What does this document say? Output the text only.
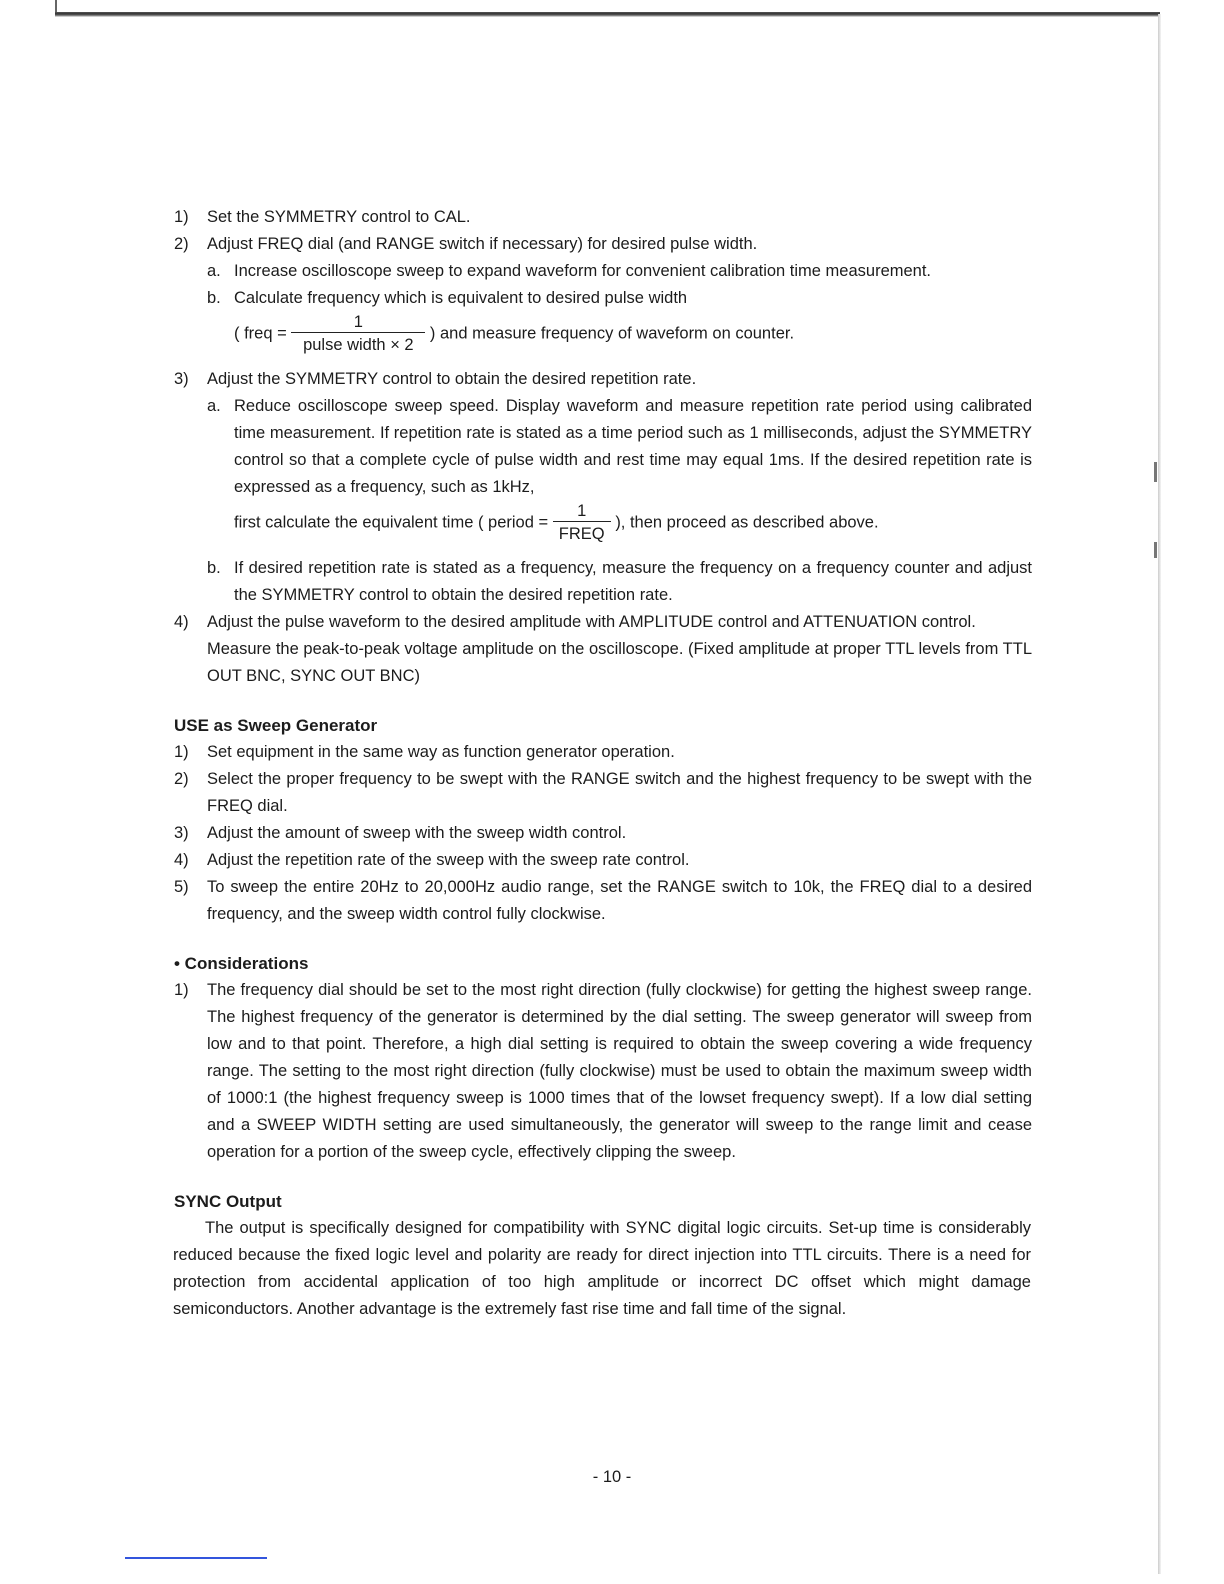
1) Set the SYMMETRY control to CAL.

2) Adjust FREQ dial (and RANGE switch if necessary) for desired pulse width.

a. Increase oscilloscope sweep to expand waveform for convenient calibration time measurement.

b. Calculate frequency which is equivalent to desired pulse width

( freq = $\frac{1}{\text{pulse width × 2}}$ ) and measure frequency of waveform on counter.

3) Adjust the SYMMETRY control to obtain the desired repetition rate.

a. Reduce oscilloscope sweep speed. Display waveform and measure repetition rate period using calibrated time measurement. If repetition rate is stated as a time period such as 1 milliseconds, adjust the SYMMETRY control so that a complete cycle of pulse width and rest time may equal 1ms. If the desired repetition rate is expressed as a frequency, such as 1kHz,

first calculate the equivalent time ( period = $\frac{1}{\text{FREQ}}$ ), then proceed as described above.

b. If desired repetition rate is stated as a frequency, measure the frequency on a frequency counter and adjust the SYMMETRY control to obtain the desired repetition rate.

4) Adjust the pulse waveform to the desired amplitude with AMPLITUDE control and ATTENUATION control.

Measure the peak-to-peak voltage amplitude on the oscilloscope. (Fixed amplitude at proper TTL levels from TTL OUT BNC, SYNC OUT BNC)

USE as Sweep Generator

1) Set equipment in the same way as function generator operation.

2) Select the proper frequency to be swept with the RANGE switch and the highest frequency to be swept with the FREQ dial.

3) Adjust the amount of sweep with the sweep width control.

4) Adjust the repetition rate of the sweep with the sweep rate control.

5) To sweep the entire 20Hz to 20,000Hz audio range, set the RANGE switch to 10k, the FREQ dial to a desired frequency, and the sweep width control fully clockwise.

• Considerations

1) The frequency dial should be set to the most right direction (fully clockwise) for getting the highest sweep range. The highest frequency of the generator is determined by the dial setting. The sweep generator will sweep from low and to that point. Therefore, a high dial setting is required to obtain the sweep covering a wide frequency range. The setting to the most right direction (fully clockwise) must be used to obtain the maximum sweep width of 1000:1 (the highest frequency sweep is 1000 times that of the lowset frequency swept). If a low dial setting and a SWEEP WIDTH setting are used simultaneously, the generator will sweep to the range limit and cease operation for a portion of the sweep cycle, effectively clipping the sweep.

SYNC Output

The output is specifically designed for compatibility with SYNC digital logic circuits. Set-up time is considerably reduced because the fixed logic level and polarity are ready for direct injection into TTL circuits. There is a need for protection from accidental application of too high amplitude or incorrect DC offset which might damage semiconductors. Another advantage is the extremely fast rise time and fall time of the signal.

- 10 -
